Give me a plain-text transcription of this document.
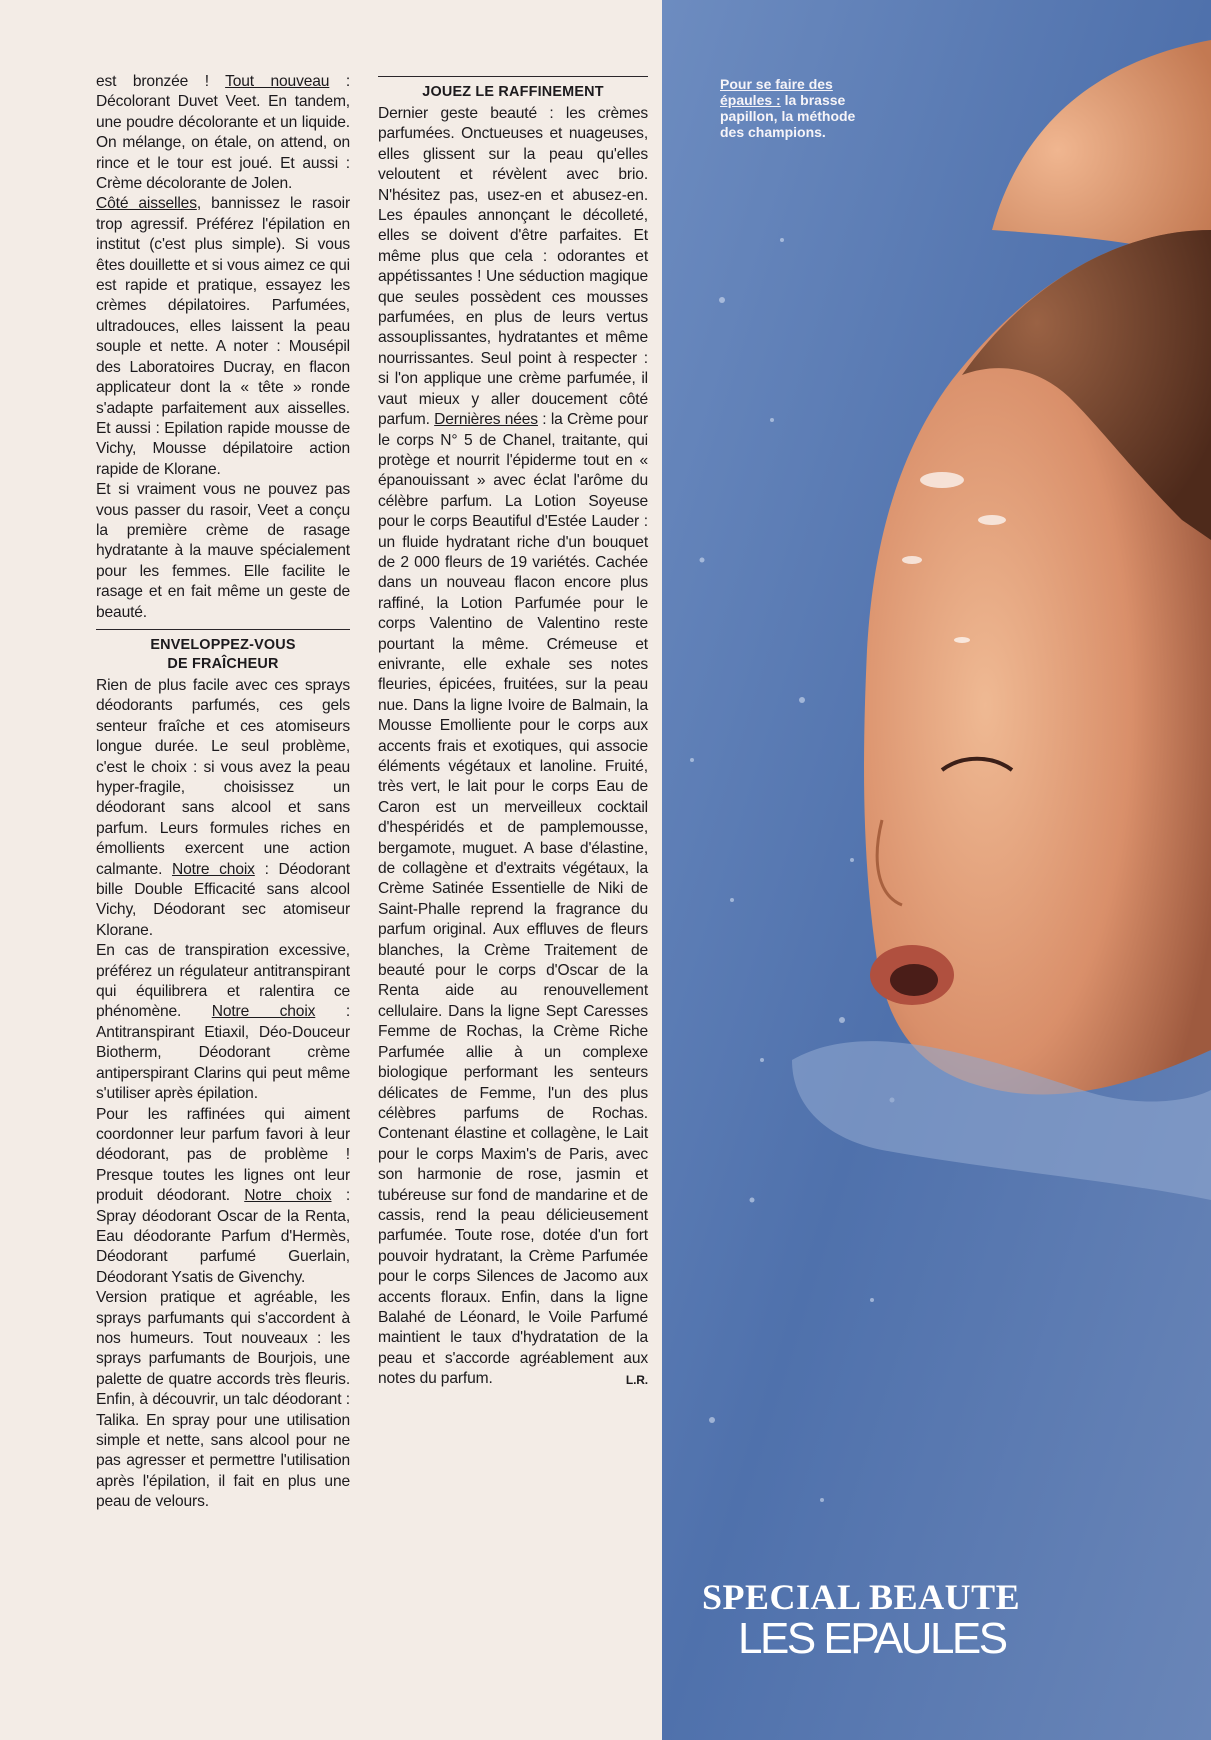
est bronzée ! Tout nouveau : Décolorant Duvet Veet. En tandem, une poudre décolorante et un liquide. On mélange, on étale, on attend, on rince et le tour est joué. Et aussi : Crème décolorante de Jolen.

Côté aisselles, bannissez le rasoir trop agressif. Préférez l'épilation en institut (c'est plus simple). Si vous êtes douillette et si vous aimez ce qui est rapide et pratique, essayez les crèmes dépilatoires. Parfumées, ultradouces, elles laissent la peau souple et nette. A noter : Mousépil des Laboratoires Ducray, en flacon applicateur dont la « tête » ronde s'adapte parfaitement aux aisselles. Et aussi : Epilation rapide mousse de Vichy, Mousse dépilatoire action rapide de Klorane.

Et si vraiment vous ne pouvez pas vous passer du rasoir, Veet a conçu la première crème de rasage hydratante à la mauve spécialement pour les femmes. Elle facilite le rasage et en fait même un geste de beauté.

ENVELOPPEZ-VOUS
DE FRAÎCHEUR

Rien de plus facile avec ces sprays déodorants parfumés, ces gels senteur fraîche et ces atomiseurs longue durée. Le seul problème, c'est le choix : si vous avez la peau hyper-fragile, choisissez un déodorant sans alcool et sans parfum. Leurs formules riches en émollients exercent une action calmante. Notre choix : Déodorant bille Double Efficacité sans alcool Vichy, Déodorant sec atomiseur Klorane.

En cas de transpiration excessive, préférez un régulateur antitranspirant qui équilibrera et ralentira ce phénomène. Notre choix : Antitranspirant Etiaxil, Déo-Douceur Biotherm, Déodorant crème antiperspirant Clarins qui peut même s'utiliser après épilation.

Pour les raffinées qui aiment coordonner leur parfum favori à leur déodorant, pas de problème ! Presque toutes les lignes ont leur produit déodorant. Notre choix : Spray déodorant Oscar de la Renta, Eau déodorante Parfum d'Hermès, Déodorant parfumé Guerlain, Déodorant Ysatis de Givenchy.

Version pratique et agréable, les sprays parfumants qui s'accordent à nos humeurs. Tout nouveaux : les sprays parfumants de Bourjois, une palette de quatre accords très fleuris. Enfin, à découvrir, un talc déodorant : Talika. En spray pour une utilisation simple et nette, sans alcool pour ne pas agresser et permettre l'utilisation après l'épilation, il fait en plus une peau de velours.

JOUEZ LE RAFFINEMENT

Dernier geste beauté : les crèmes parfumées. Onctueuses et nuageuses, elles glissent sur la peau qu'elles veloutent et révèlent avec brio. N'hésitez pas, usez-en et abusez-en. Les épaules annonçant le décolleté, elles se doivent d'être parfaites. Et même plus que cela : odorantes et appétissantes ! Une séduction magique que seules possèdent ces mousses parfumées, en plus de leurs vertus assouplissantes, hydratantes et même nourrissantes. Seul point à respecter : si l'on applique une crème parfumée, il vaut mieux y aller doucement côté parfum. Dernières nées : la Crème pour le corps N° 5 de Chanel, traitante, qui protège et nourrit l'épiderme tout en « épanouissant » avec éclat l'arôme du célèbre parfum. La Lotion Soyeuse pour le corps Beautiful d'Estée Lauder : un fluide hydratant riche d'un bouquet de 2 000 fleurs de 19 variétés. Cachée dans un nouveau flacon encore plus raffiné, la Lotion Parfumée pour le corps Valentino de Valentino reste pourtant la même. Crémeuse et enivrante, elle exhale ses notes fleuries, épicées, fruitées, sur la peau nue. Dans la ligne Ivoire de Balmain, la Mousse Emolliente pour le corps aux accents frais et exotiques, qui associe éléments végétaux et lanoline. Fruité, très vert, le lait pour le corps Eau de Caron est un merveilleux cocktail d'hespéridés et de pamplemousse, bergamote, muguet. A base d'élastine, de collagène et d'extraits végétaux, la Crème Satinée Essentielle de Niki de Saint-Phalle reprend la fragrance du parfum original. Aux effluves de fleurs blanches, la Crème Traitement de beauté pour le corps d'Oscar de la Renta aide au renouvellement cellulaire. Dans la ligne Sept Caresses Femme de Rochas, la Crème Riche Parfumée allie à un complexe biologique performant les senteurs délicates de Femme, l'un des plus célèbres parfums de Rochas. Contenant élastine et collagène, le Lait pour le corps Maxim's de Paris, avec son harmonie de rose, jasmin et tubéreuse sur fond de mandarine et de cassis, rend la peau délicieusement parfumée. Toute rose, dotée d'un fort pouvoir hydratant, la Crème Parfumée pour le corps Silences de Jacomo aux accents floraux. Enfin, dans la ligne Balahé de Léonard, le Voile Parfumé maintient le taux d'hydratation de la peau et s'accorde agréablement aux notes du parfum.	L.R.
Pour se faire des épaules : la brasse papillon, la méthode des champions.
SPECIAL BEAUTE
LES EPAULES
